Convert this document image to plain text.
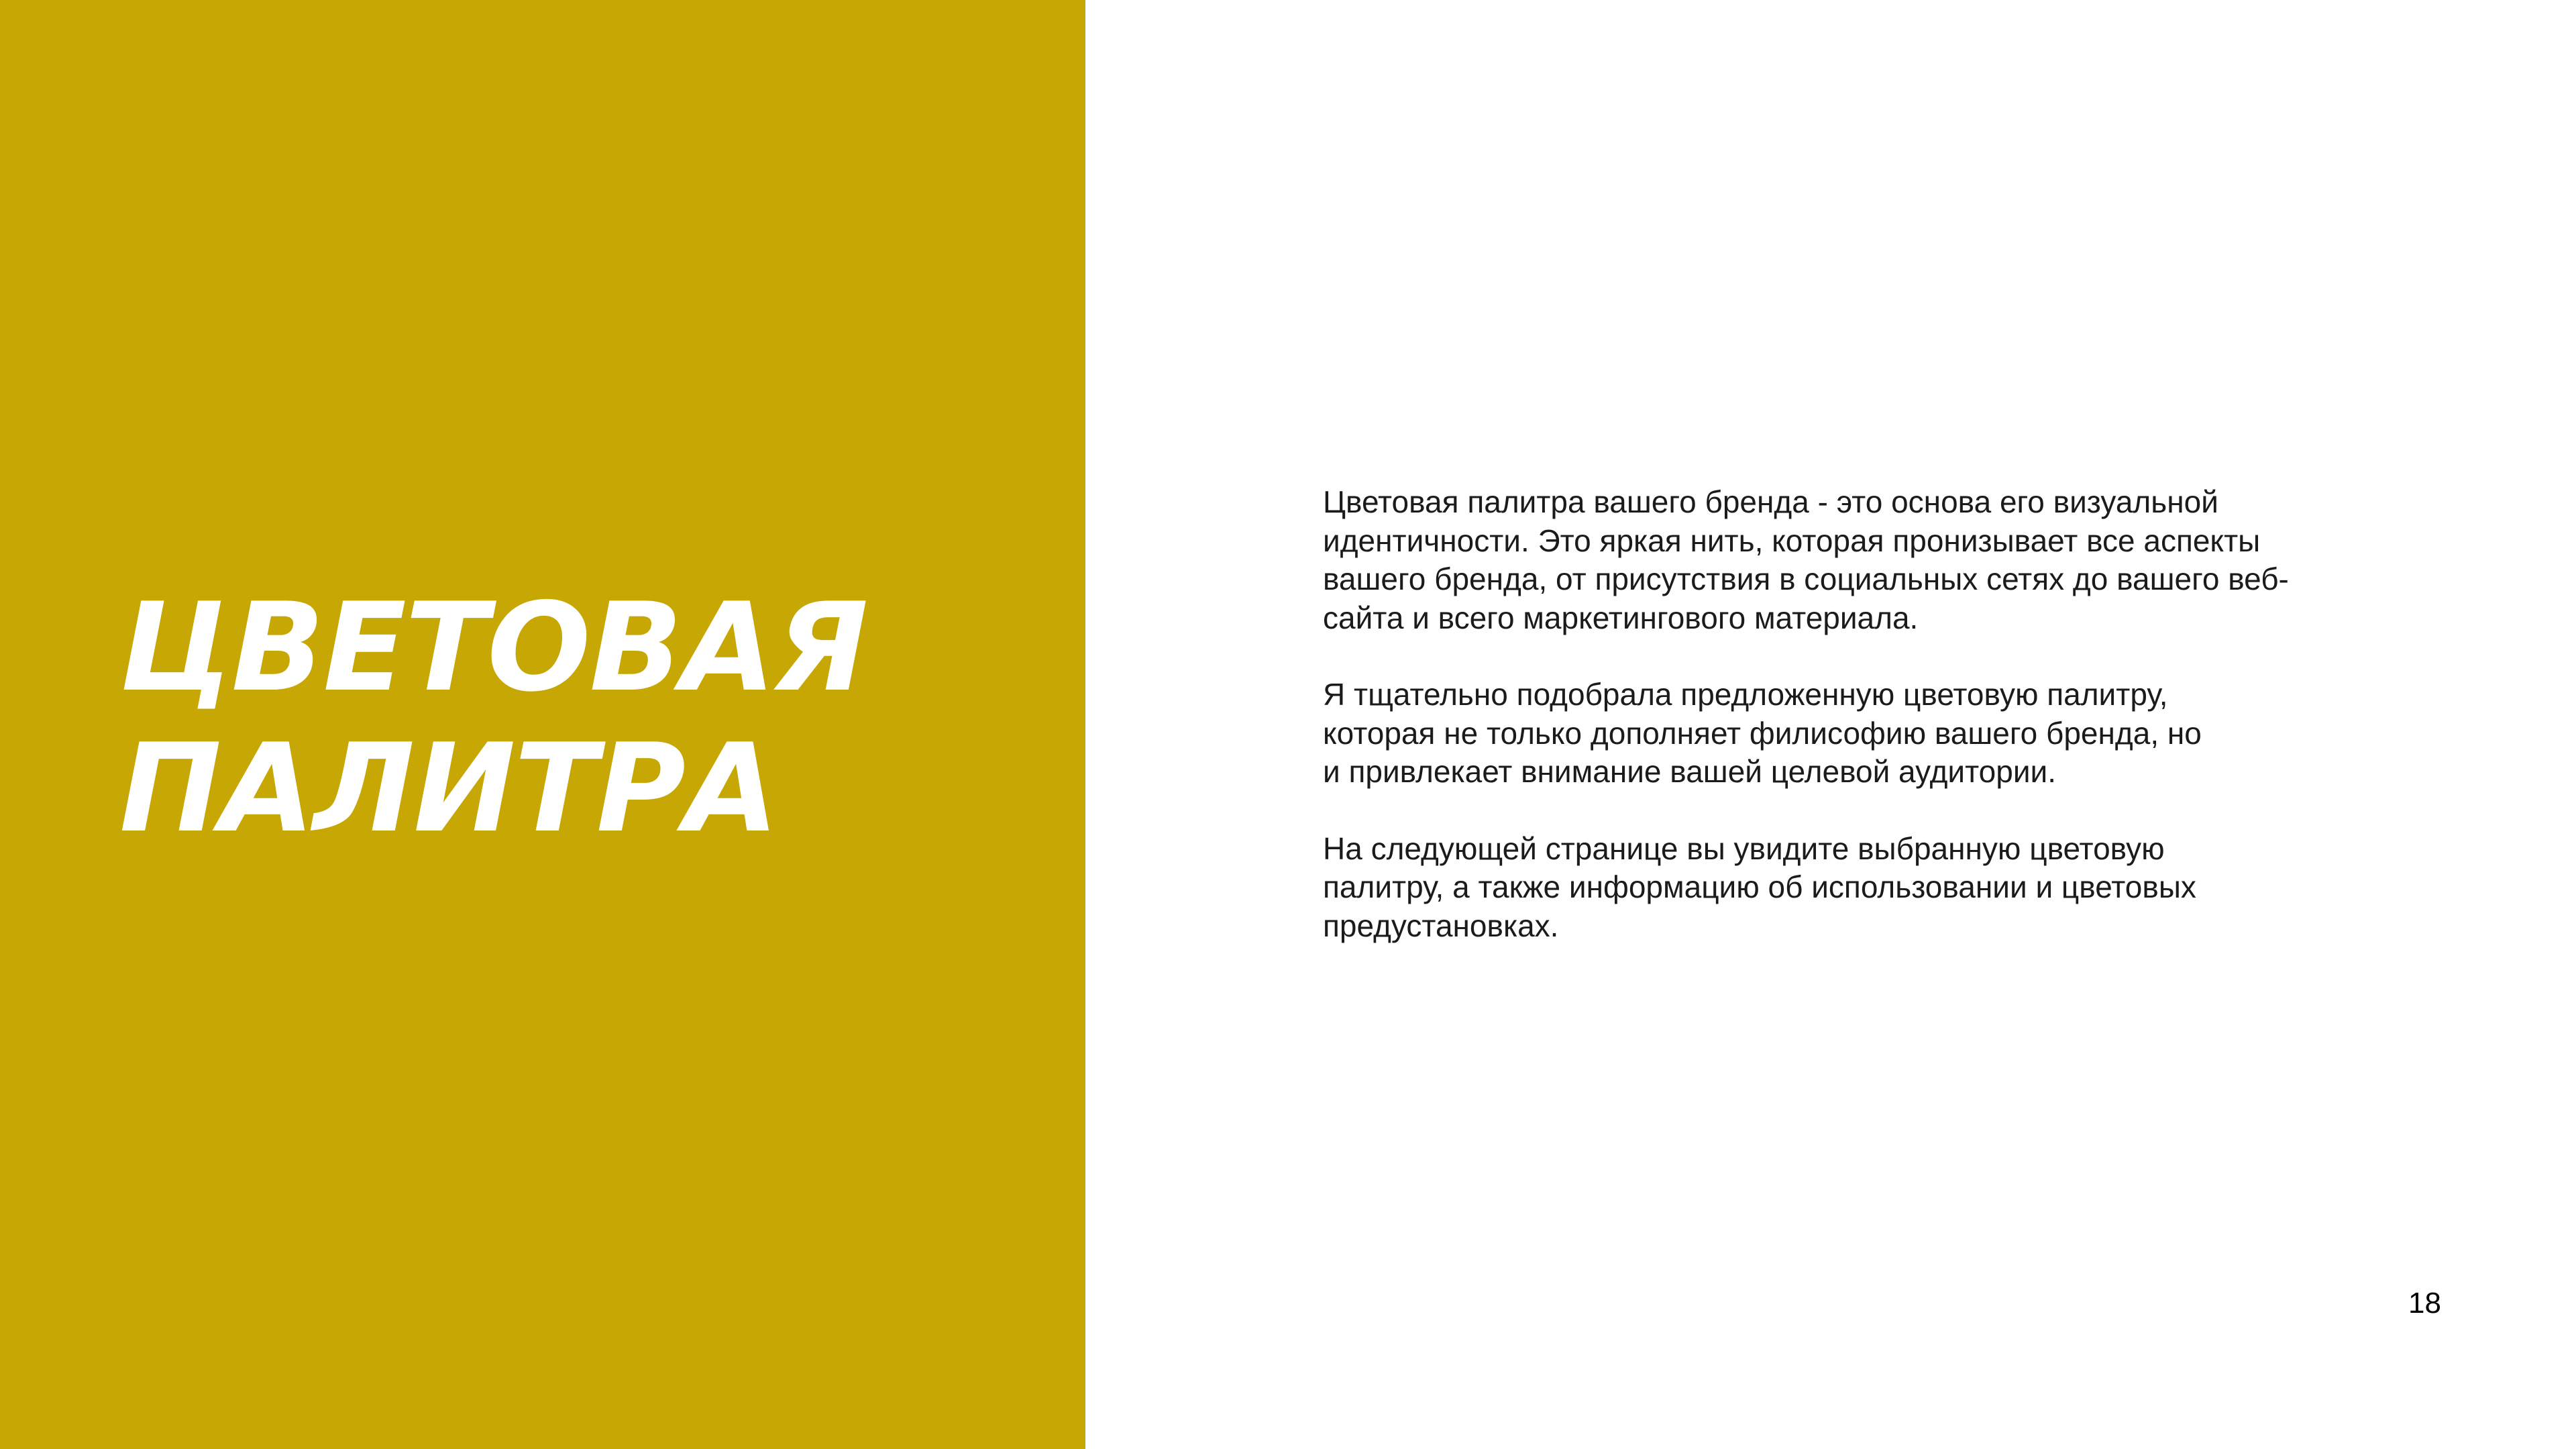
ЦВЕТОВАЯ
ПАЛИТРА

Цветовая палитра вашего бренда - это основа его визуальной
идентичности. Это яркая нить, которая пронизывает все аспекты
вашего бренда, от присутствия в социальных сетях до вашего веб-
сайта и всего маркетингового материала.

Я тщательно подобрала предложенную цветовую палитру,
которая не только дополняет филисофию вашего бренда, но
и привлекает внимание вашей целевой аудитории.

На следующей странице вы увидите выбранную цветовую
палитру, а также информацию об использовании и цветовых
предустановках.

18
